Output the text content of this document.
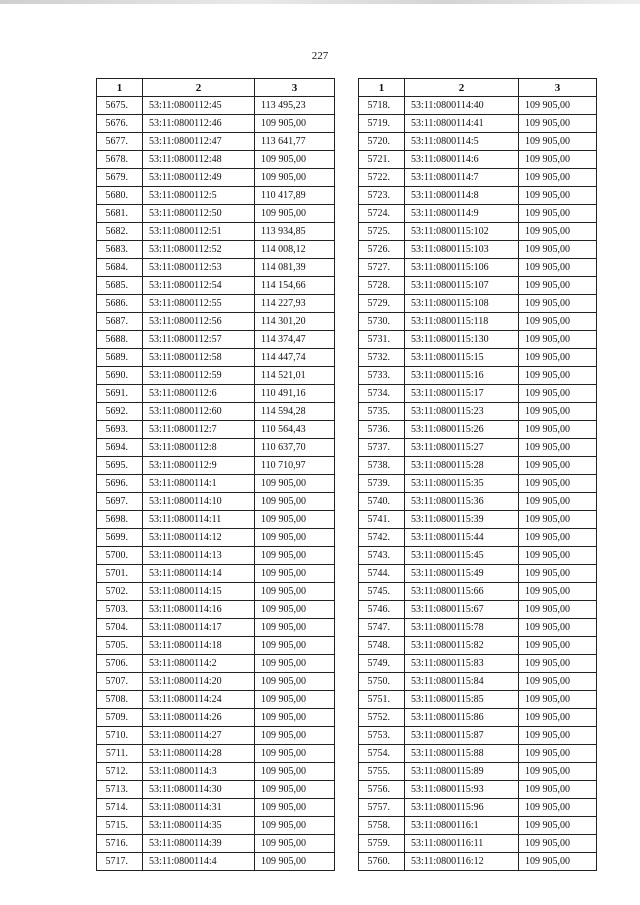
227
1	2	3
5675.	53:11:0800112:45	113 495,23
5676.	53:11:0800112:46	109 905,00
5677.	53:11:0800112:47	113 641,77
5678.	53:11:0800112:48	109 905,00
5679.	53:11:0800112:49	109 905,00
5680.	53:11:0800112:5	110 417,89
5681.	53:11:0800112:50	109 905,00
5682.	53:11:0800112:51	113 934,85
5683.	53:11:0800112:52	114 008,12
5684.	53:11:0800112:53	114 081,39
5685.	53:11:0800112:54	114 154,66
5686.	53:11:0800112:55	114 227,93
5687.	53:11:0800112:56	114 301,20
5688.	53:11:0800112:57	114 374,47
5689.	53:11:0800112:58	114 447,74
5690.	53:11:0800112:59	114 521,01
5691.	53:11:0800112:6	110 491,16
5692.	53:11:0800112:60	114 594,28
5693.	53:11:0800112:7	110 564,43
5694.	53:11:0800112:8	110 637,70
5695.	53:11:0800112:9	110 710,97
5696.	53:11:0800114:1	109 905,00
5697.	53:11:0800114:10	109 905,00
5698.	53:11:0800114:11	109 905,00
5699.	53:11:0800114:12	109 905,00
5700.	53:11:0800114:13	109 905,00
5701.	53:11:0800114:14	109 905,00
5702.	53:11:0800114:15	109 905,00
5703.	53:11:0800114:16	109 905,00
5704.	53:11:0800114:17	109 905,00
5705.	53:11:0800114:18	109 905,00
5706.	53:11:0800114:2	109 905,00
5707.	53:11:0800114:20	109 905,00
5708.	53:11:0800114:24	109 905,00
5709.	53:11:0800114:26	109 905,00
5710.	53:11:0800114:27	109 905,00
5711.	53:11:0800114:28	109 905,00
5712.	53:11:0800114:3	109 905,00
5713.	53:11:0800114:30	109 905,00
5714.	53:11:0800114:31	109 905,00
5715.	53:11:0800114:35	109 905,00
5716.	53:11:0800114:39	109 905,00
5717.	53:11:0800114:4	109 905,00
1	2	3
5718.	53:11:0800114:40	109 905,00
5719.	53:11:0800114:41	109 905,00
5720.	53:11:0800114:5	109 905,00
5721.	53:11:0800114:6	109 905,00
5722.	53:11:0800114:7	109 905,00
5723.	53:11:0800114:8	109 905,00
5724.	53:11:0800114:9	109 905,00
5725.	53:11:0800115:102	109 905,00
5726.	53:11:0800115:103	109 905,00
5727.	53:11:0800115:106	109 905,00
5728.	53:11:0800115:107	109 905,00
5729.	53:11:0800115:108	109 905,00
5730.	53:11:0800115:118	109 905,00
5731.	53:11:0800115:130	109 905,00
5732.	53:11:0800115:15	109 905,00
5733.	53:11:0800115:16	109 905,00
5734.	53:11:0800115:17	109 905,00
5735.	53:11:0800115:23	109 905,00
5736.	53:11:0800115:26	109 905,00
5737.	53:11:0800115:27	109 905,00
5738.	53:11:0800115:28	109 905,00
5739.	53:11:0800115:35	109 905,00
5740.	53:11:0800115:36	109 905,00
5741.	53:11:0800115:39	109 905,00
5742.	53:11:0800115:44	109 905,00
5743.	53:11:0800115:45	109 905,00
5744.	53:11:0800115:49	109 905,00
5745.	53:11:0800115:66	109 905,00
5746.	53:11:0800115:67	109 905,00
5747.	53:11:0800115:78	109 905,00
5748.	53:11:0800115:82	109 905,00
5749.	53:11:0800115:83	109 905,00
5750.	53:11:0800115:84	109 905,00
5751.	53:11:0800115:85	109 905,00
5752.	53:11:0800115:86	109 905,00
5753.	53:11:0800115:87	109 905,00
5754.	53:11:0800115:88	109 905,00
5755.	53:11:0800115:89	109 905,00
5756.	53:11:0800115:93	109 905,00
5757.	53:11:0800115:96	109 905,00
5758.	53:11:0800116:1	109 905,00
5759.	53:11:0800116:11	109 905,00
5760.	53:11:0800116:12	109 905,00
